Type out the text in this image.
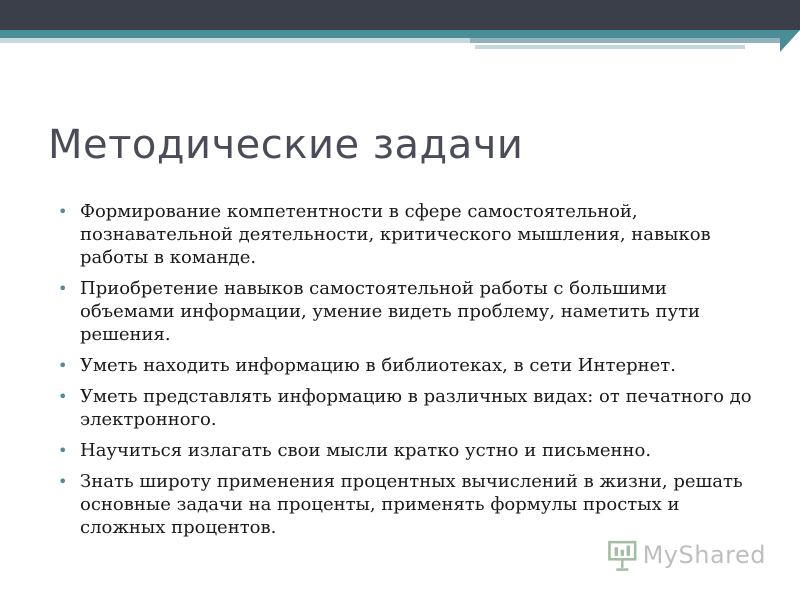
Методические задачи
• Формирование компетентности в сфере самостоятельной, познавательной деятельности, критического мышления, навыков работы в команде.
• Приобретение навыков самостоятельной работы с большими объемами информации, умение видеть проблему, наметить пути решения.
• Уметь находить информацию в библиотеках, в сети Интернет.
• Уметь представлять информацию в различных видах: от печатного до электронного.
• Научиться излагать свои мысли кратко устно и письменно.
• Знать широту применения процентных вычислений в жизни, решать основные задачи на проценты, применять формулы простых и сложных процентов.
MyShared
